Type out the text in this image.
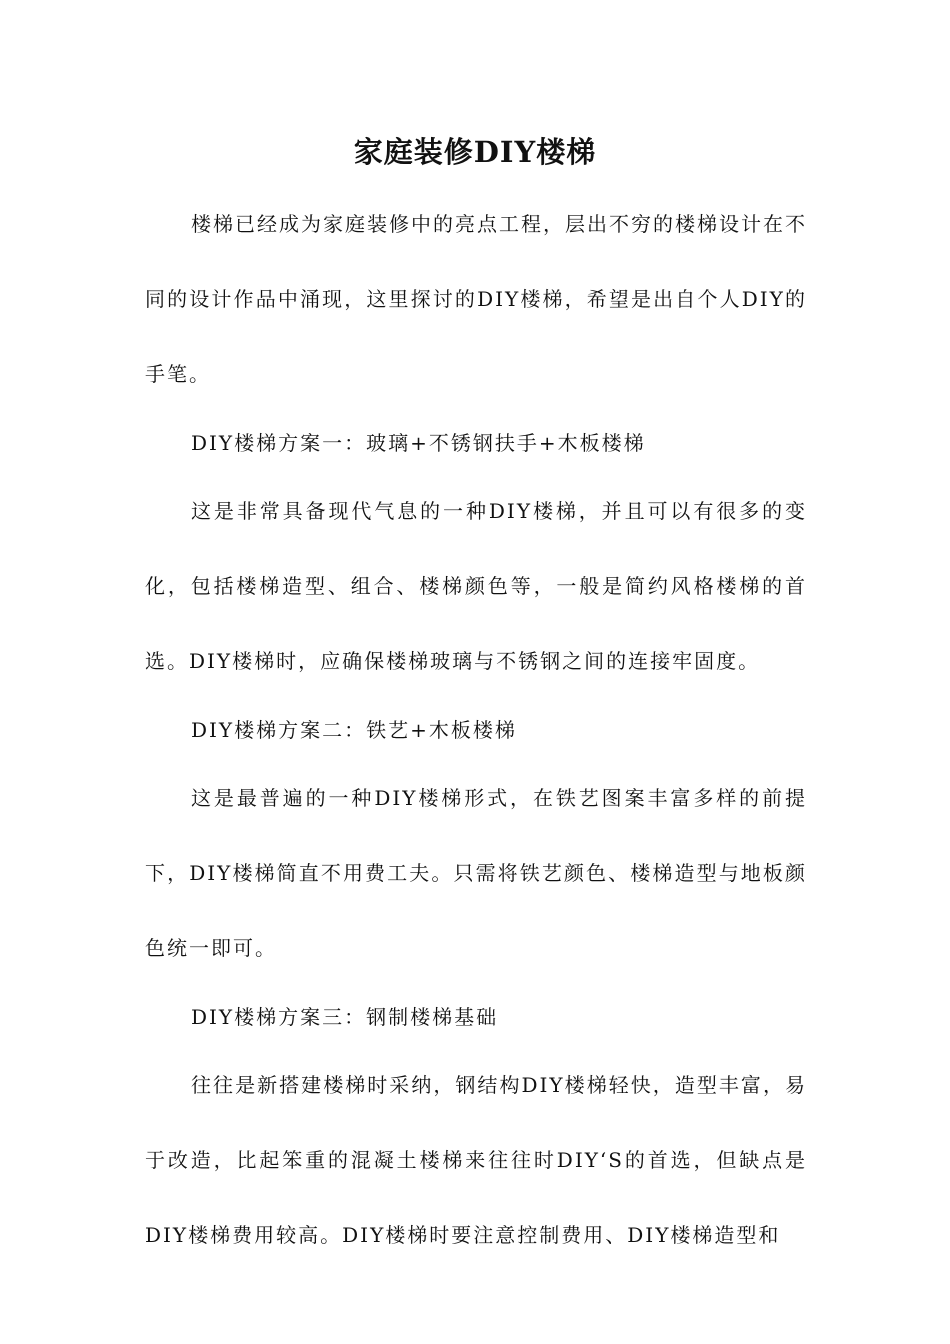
家庭装修DIY楼梯

楼梯已经成为家庭装修中的亮点工程，层出不穷的楼梯设计在不同的设计作品中涌现，这里探讨的DIY楼梯，希望是出自个人DIY的手笔。

DIY楼梯方案一：玻璃+不锈钢扶手+木板楼梯

这是非常具备现代气息的一种DIY楼梯，并且可以有很多的变化，包括楼梯造型、组合、楼梯颜色等，一般是简约风格楼梯的首选。DIY楼梯时，应确保楼梯玻璃与不锈钢之间的连接牢固度。

DIY楼梯方案二：铁艺+木板楼梯

这是最普遍的一种DIY楼梯形式，在铁艺图案丰富多样的前提下，DIY楼梯简直不用费工夫。只需将铁艺颜色、楼梯造型与地板颜色统一即可。

DIY楼梯方案三：钢制楼梯基础

往往是新搭建楼梯时采纳，钢结构DIY楼梯轻快，造型丰富，易于改造，比起笨重的混凝土楼梯来往往时DIY‘S的首选，但缺点是DIY楼梯费用较高。DIY楼梯时要注意控制费用、DIY楼梯造型和
